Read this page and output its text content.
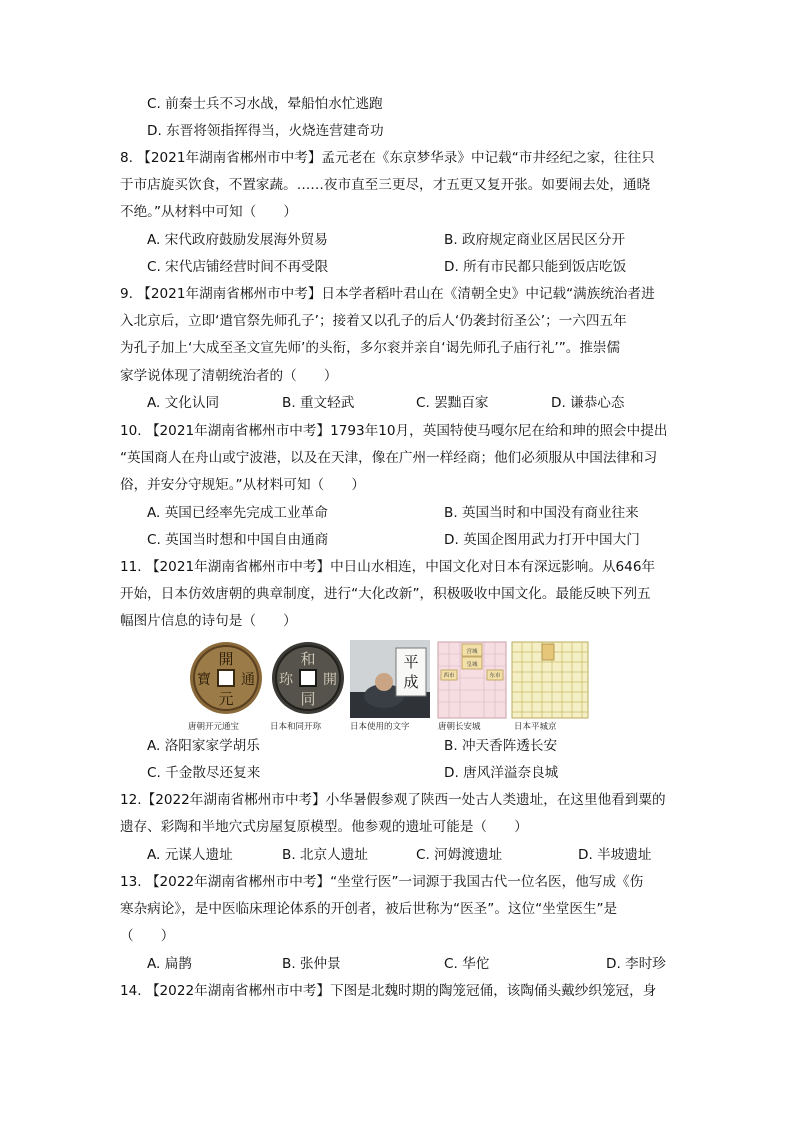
C. 前秦士兵不习水战，晕船怕水忙逃跑
D. 东晋将领指挥得当，火烧连营建奇功
8. 【2021年湖南省郴州市中考】孟元老在《东京梦华录》中记载“市井经纪之家，往往只
于市店旋买饮食，不置家蔬。……夜市直至三更尽，才五更又复开张。如要闹去处，通晓
不绝。”从材料中可知（　　）
A. 宋代政府鼓励发展海外贸易	B. 政府规定商业区居民区分开
C. 宋代店铺经营时间不再受限	D. 所有市民都只能到饭店吃饭
9. 【2021年湖南省郴州市中考】日本学者稻叶君山在《清朝全史》中记载“满族统治者进
入北京后，立即‘遣官祭先师孔子’；接着又以孔子的后人‘仍袭封衍圣公’；一六四五年
为孔子加上‘大成至圣文宣先师’的头衔，多尔衮并亲自‘谒先师孔子庙行礼’”。推崇儒
家学说体现了清朝统治者的（　　）
A. 文化认同	B. 重文轻武	C. 罢黜百家	D. 谦恭心态
10. 【2021年湖南省郴州市中考】1793年10月，英国特使马嘎尔尼在给和珅的照会中提出
“英国商人在舟山或宁波港，以及在天津，像在广州一样经商；他们必须服从中国法律和习
俗，并安分守规矩。”从材料可知（　　）
A. 英国已经率先完成工业革命	B. 英国当时和中国没有商业往来
C. 英国当时想和中国自由通商	D. 英国企图用武力打开中国大门
11. 【2021年湖南省郴州市中考】中日山水相连，中国文化对日本有深远影响。从646年
开始，日本仿效唐朝的典章制度，进行“大化改新”，积极吸收中国文化。最能反映下列五
幅图片信息的诗句是（　　）
開
元
通
寶
和
同
開
珎
平
成
宫城
皇城
西市	东市
唐朝开元通宝	日本和同开珎	日本使用的文字	唐朝长安城	日本平城京
A. 洛阳家家学胡乐	B. 冲天香阵透长安
C. 千金散尽还复来	D. 唐风洋溢奈良城
12.【2022年湖南省郴州市中考】小华暑假参观了陕西一处古人类遗址，在这里他看到粟的
遗存、彩陶和半地穴式房屋复原模型。他参观的遗址可能是（　　）
A. 元谋人遗址	B. 北京人遗址	C. 河姆渡遗址	D. 半坡遗址
13. 【2022年湖南省郴州市中考】“坐堂行医”一词源于我国古代一位名医，他写成《伤
寒杂病论》，是中医临床理论体系的开创者，被后世称为“医圣”。这位“坐堂医生”是
（　　）
A. 扁鹊	B. 张仲景	C. 华佗	D. 李时珍
14. 【2022年湖南省郴州市中考】下图是北魏时期的陶笼冠俑，该陶俑头戴纱织笼冠，身
